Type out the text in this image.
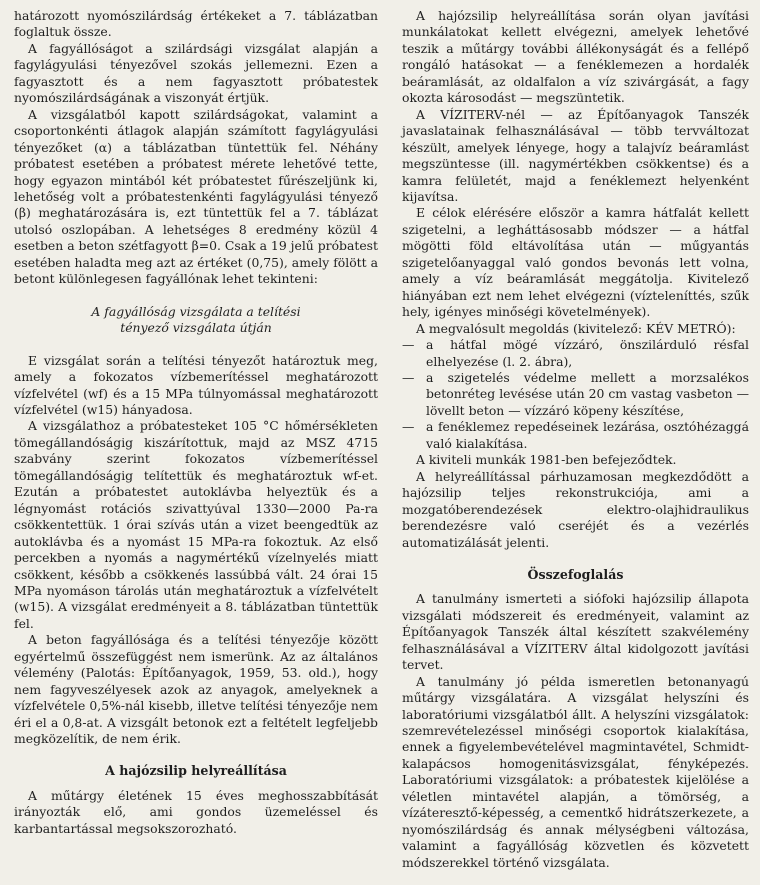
határozott nyomószilárdság értékeket a 7. táblázatban foglaltuk össze.

A fagyállóságot a szilárdsági vizsgálat alapján a fagylágyulási tényezővel szokás jellemezni. Ezen a fagyasztott és a nem fagyasztott próbatestek nyomószilárdságának a viszonyát értjük.

A vizsgálatból kapott szilárdságokat, valamint a csoportonkénti átlagok alapján számított fagylágyulási tényezőket (α) a táblázatban tüntettük fel. Néhány próbatest esetében a próbatest mérete lehetővé tette, hogy egyazon mintából két próbatestet fűrészeljünk ki, lehetőség volt a próbatestenkénti fagylágyulási tényező (β) meghatározására is, ezt tüntettük fel a 7. táblázat utolsó oszlopában. A lehetséges 8 eredmény közül 4 esetben a beton szétfagyott β=0. Csak a 19 jelű próbatest esetében haladta meg azt az értéket (0,75), amely fölött a betont különlegesen fagyállónak lehet tekinteni:

A fagyállóság vizsgálata a telítési
tényező vizsgálata útján

E vizsgálat során a telítési tényezőt határoztuk meg, amely a fokozatos vízbemerítéssel meghatározott vízfelvétel (wf) és a 15 MPa túlnyomással meghatározott vízfelvétel (w15) hányadosa.

A vizsgálathoz a próbatesteket 105 °C hőmérsékleten tömegállandóságig kiszárítottuk, majd az MSZ 4715 szabvány szerint fokozatos vízbemerítéssel tömegállandóságig telítettük és meghatároztuk wf-et. Ezután a próbatestet autoklávba helyeztük és a légnyomást rotációs szivattyúval 1330—2000 Pa-ra csökkentettük. 1 órai szívás után a vizet beengedtük az autoklávba és a nyomást 15 MPa-ra fokoztuk. Az első percekben a nyomás a nagymértékű vízelnyelés miatt csökkent, később a csökkenés lassúbbá vált. 24 órai 15 MPa nyomáson tárolás után meghatároztuk a vízfelvételt (w15). A vizsgálat eredményeit a 8. táblázatban tüntettük fel.

A beton fagyállósága és a telítési tényezője között egyértelmű összefüggést nem ismerünk. Az az általános vélemény (Palotás: Építőanyagok, 1959, 53. old.), hogy nem fagyveszélyesek azok az anyagok, amelyeknek a vízfelvétele 0,5%-nál kisebb, illetve telítési tényezője nem éri el a 0,8-at. A vizsgált betonok ezt a feltételt legfeljebb megközelítik, de nem érik.

A hajózsilip helyreállítása

A műtárgy életének 15 éves meghosszabbítását irányozták elő, ami gondos üzemeléssel és karbantartással megsokszorozható.

A hajózsilip helyreállítása során olyan javítási munkálatokat kellett elvégezni, amelyek lehetővé teszik a műtárgy további állékonyságát és a fellépő rongáló hatásokat — a fenéklemezen a hordalék beáramlását, az oldalfalon a víz szivárgását, a fagy okozta károsodást — megszüntetik.

A VÍZITERV-nél — az Építőanyagok Tanszék javaslatainak felhasználásával — több tervváltozat készült, amelyek lényege, hogy a talajvíz beáramlást megszüntesse (ill. nagymértékben csökkentse) és a kamra felületét, majd a fenéklemezt helyenként kijavítsa.

E célok elérésére először a kamra hátfalát kellett szigetelni, a legháttásosabb módszer — a hátfal mögötti föld eltávolítása után — műgyantás szigetelőanyaggal való gondos bevonás lett volna, amely a víz beáramlását meggátolja. Kivitelező hiányában ezt nem lehet elvégezni (vízteleníttés, szűk hely, igényes minőségi követelmények).

A megvalósult megoldás (kivitelező: KÉV METRÓ):

— a hátfal mögé vízzáró, önszilárduló résfal elhelyezése (l. 2. ábra),
— a szigetelés védelme mellett a morzsalékos betonréteg levésése után 20 cm vastag vasbeton — lövellt beton — vízzáró köpeny készítése,
— a fenéklemez repedéseinek lezárása, osztóhézaggá való kialakítása.

A kiviteli munkák 1981-ben befejeződtek.

A helyreállítással párhuzamosan megkezdődött a hajózsilip teljes rekonstrukciója, ami a mozgatóberendezések elektro-olajhidraulikus berendezésre való cseréjét és a vezérlés automatizálását jelenti.

Összefoglalás

A tanulmány ismerteti a siófoki hajózsilip állapota vizsgálati módszereit és eredményeit, valamint az Építőanyagok Tanszék által készített szakvélemény felhasználásával a VÍZITERV által kidolgozott javítási tervet.

A tanulmány jó példa ismeretlen betonanyagú műtárgy vizsgálatára. A vizsgálat helyszíni és laboratóriumi vizsgálatból állt. A helyszíni vizsgálatok: szemrevételezéssel minőségi csoportok kialakítása, ennek a figyelembevételével magmintavétel, Schmidt-kalapácsos homogenitásvizsgálat, fényképezés. Laboratóriumi vizsgálatok: a próbatestek kijelölése a véletlen mintavétel alapján, a tömörség, a vízáteresztő-képesség, a cementkő hidrátszerkezete, a nyomószilárdság és annak mélységbeni változása, valamint a fagyállóság közvetlen és közvetett módszerekkel történő vizsgálata.
